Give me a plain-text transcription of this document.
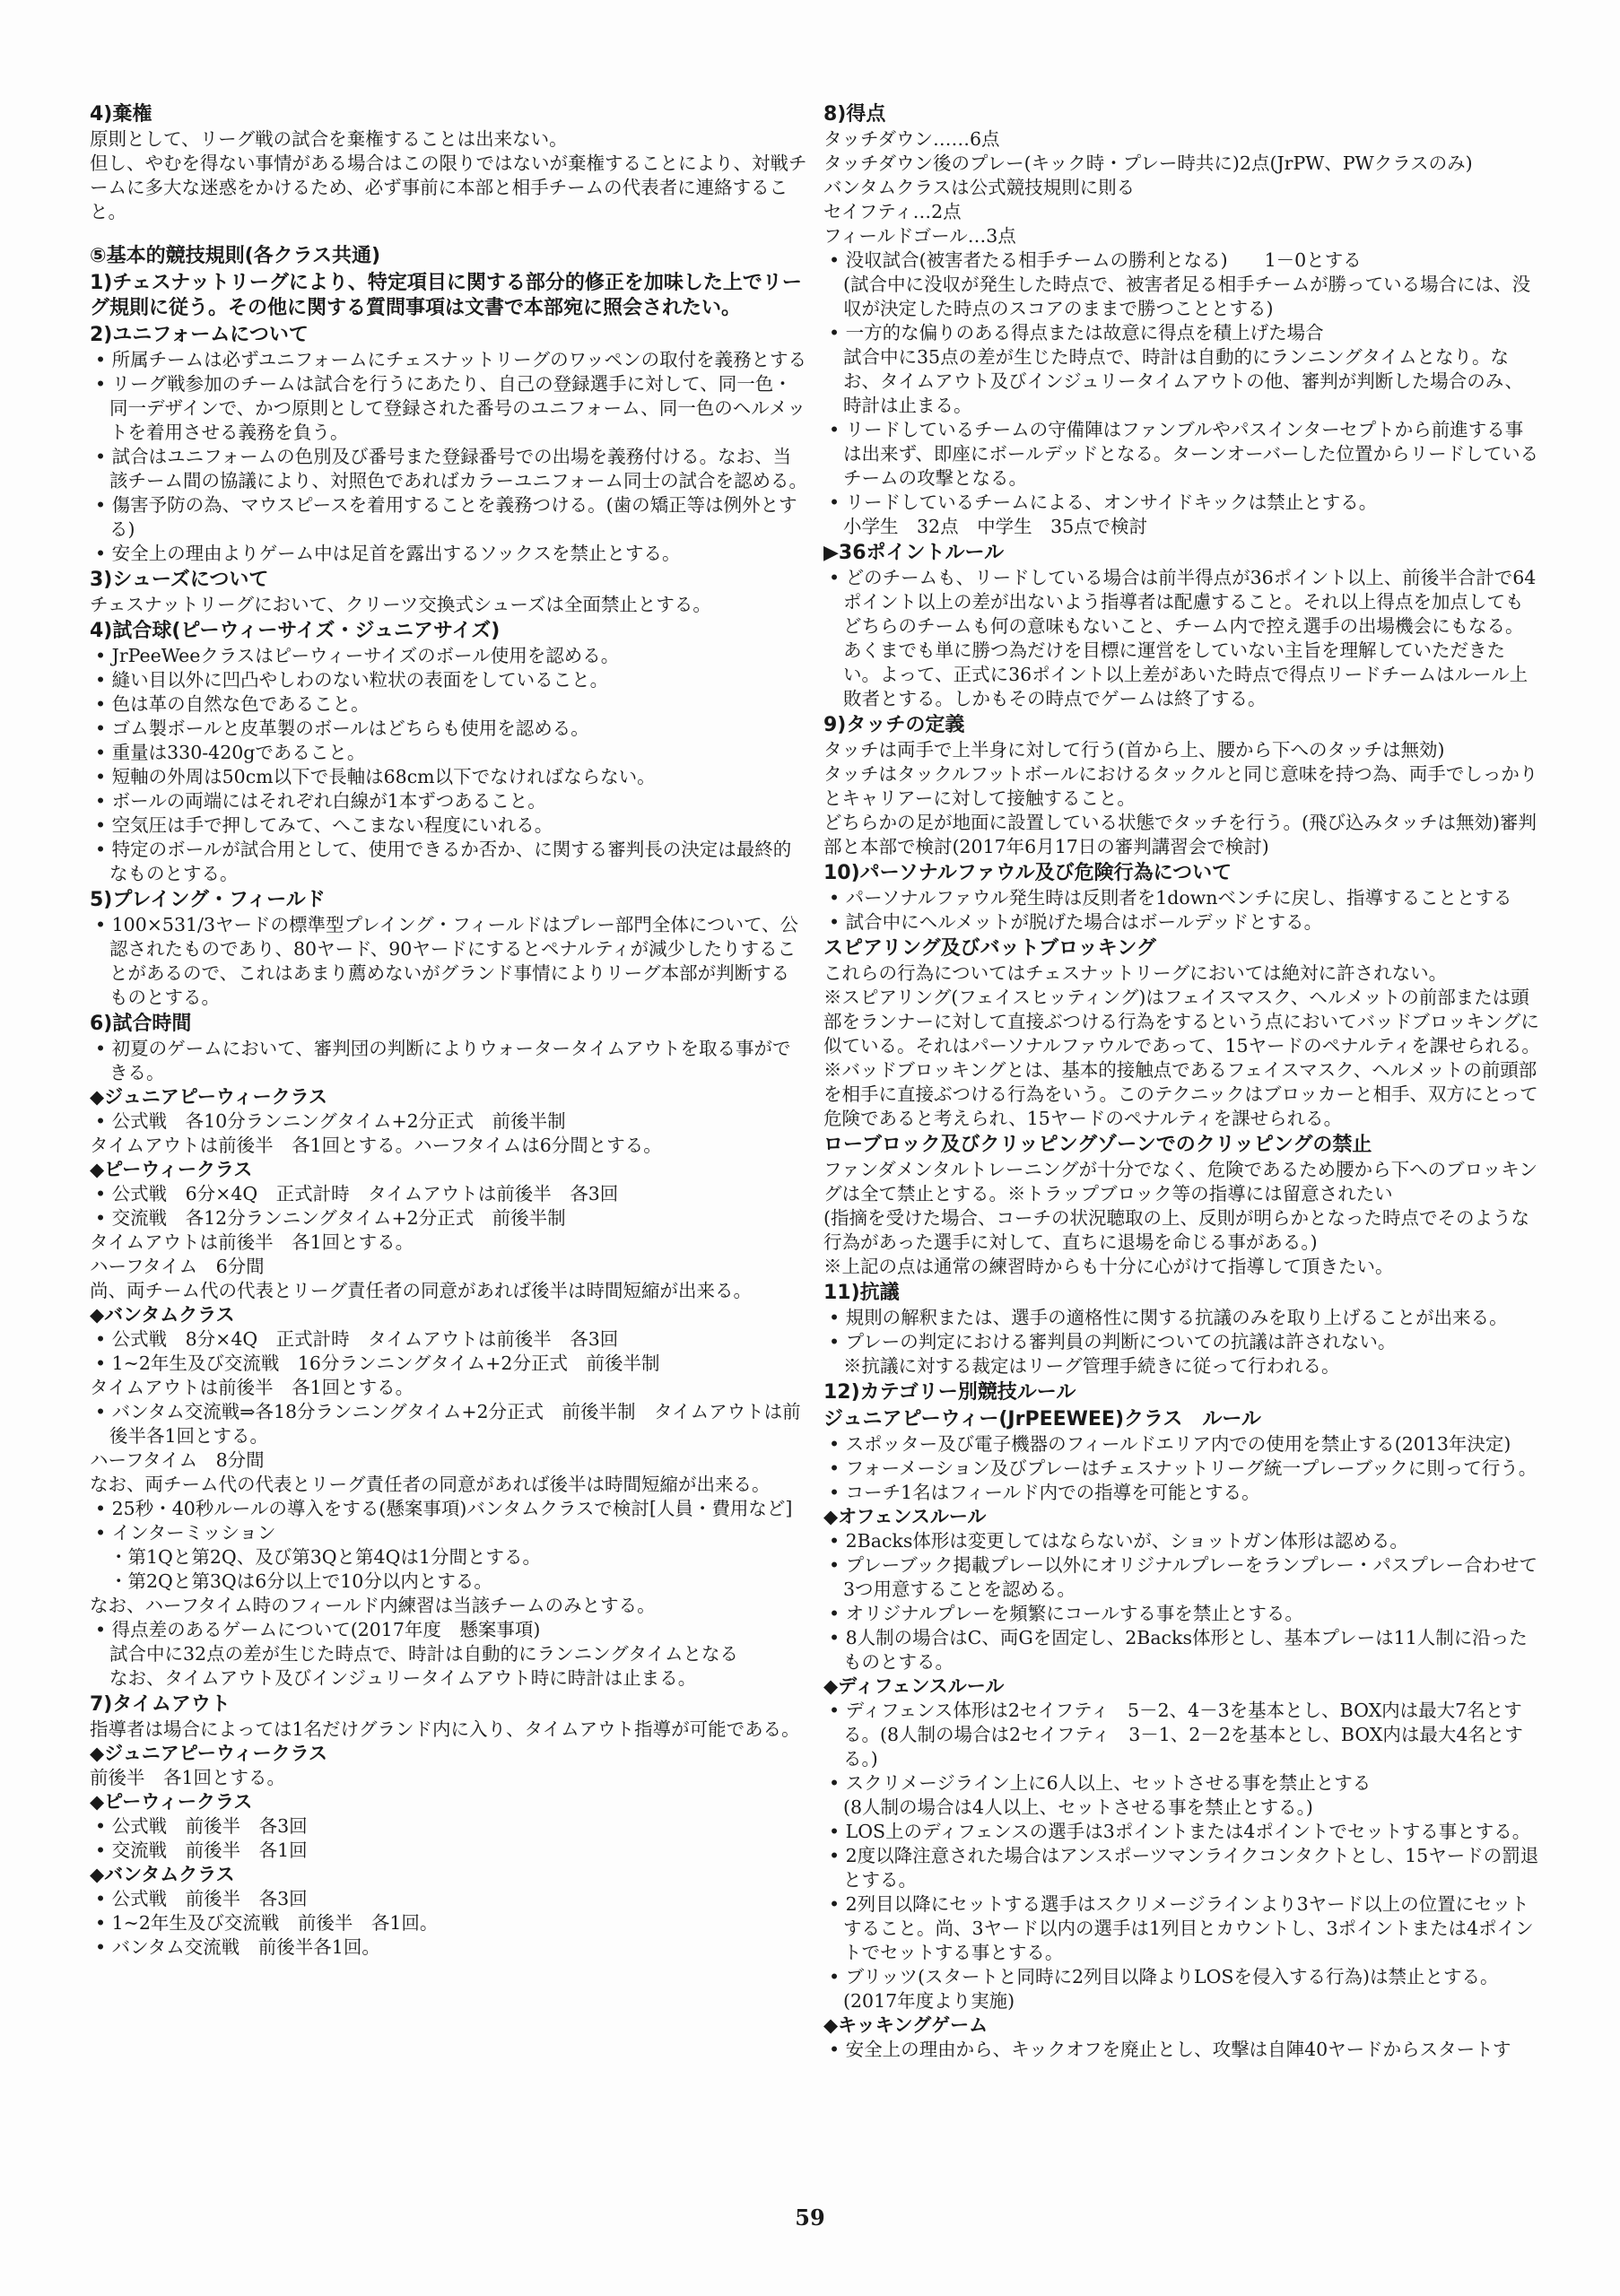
4)棄権
原則として、リーグ戦の試合を棄権することは出来ない。
但し、やむを得ない事情がある場合はこの限りではないが棄権することにより、対戦チームに多大な迷惑をかけるため、必ず事前に本部と相手チームの代表者に連絡すること。
⑤基本的競技規則(各クラス共通)
1)チェスナットリーグにより、特定項目に関する部分的修正を加味した上でリーグ規則に従う。その他に関する質問事項は文書で本部宛に照会されたい。
2)ユニフォームについて
• 所属チームは必ずユニフォームにチェスナットリーグのワッペンの取付を義務とする
• リーグ戦参加のチームは試合を行うにあたり、自己の登録選手に対して、同一色・同一デザインで、かつ原則として登録された番号のユニフォーム、同一色のヘルメットを着用させる義務を負う。
• 試合はユニフォームの色別及び番号また登録番号での出場を義務付ける。なお、当該チーム間の協議により、対照色であればカラーユニフォーム同士の試合を認める。
• 傷害予防の為、マウスピースを着用することを義務つける。(歯の矯正等は例外とする)
• 安全上の理由よりゲーム中は足首を露出するソックスを禁止とする。
3)シューズについて
チェスナットリーグにおいて、クリーツ交換式シューズは全面禁止とする。
4)試合球(ピーウィーサイズ・ジュニアサイズ)
• JrPeeWeeクラスはピーウィーサイズのボール使用を認める。
• 縫い目以外に凹凸やしわのない粒状の表面をしていること。
• 色は革の自然な色であること。
• ゴム製ボールと皮革製のボールはどちらも使用を認める。
• 重量は330-420gであること。
• 短軸の外周は50cm以下で長軸は68cm以下でなければならない。
• ボールの両端にはそれぞれ白線が1本ずつあること。
• 空気圧は手で押してみて、へこまない程度にいれる。
• 特定のボールが試合用として、使用できるか否か、に関する審判長の決定は最終的なものとする。
5)プレイング・フィールド
• 100×531/3ヤードの標準型プレイング・フィールドはプレー部門全体について、公認されたものであり、80ヤード、90ヤードにするとペナルティが減少したりすることがあるので、これはあまり薦めないがグランド事情によりリーグ本部が判断するものとする。
6)試合時間
• 初夏のゲームにおいて、審判団の判断によりウォータータイムアウトを取る事ができる。
◆ジュニアピーウィークラス
• 公式戦　各10分ランニングタイム+2分正式　前後半制
タイムアウトは前後半　各1回とする。ハーフタイムは6分間とする。
◆ピーウィークラス
• 公式戦　6分×4Q　正式計時　タイムアウトは前後半　各3回
• 交流戦　各12分ランニングタイム+2分正式　前後半制
タイムアウトは前後半　各1回とする。
ハーフタイム　6分間
尚、両チーム代の代表とリーグ責任者の同意があれば後半は時間短縮が出来る。
◆バンタムクラス
• 公式戦　8分×4Q　正式計時　タイムアウトは前後半　各3回
• 1~2年生及び交流戦　16分ランニングタイム+2分正式　前後半制
タイムアウトは前後半　各1回とする。
• バンタム交流戦⇒各18分ランニングタイム+2分正式　前後半制　タイムアウトは前後半各1回とする。
ハーフタイム　8分間
なお、両チーム代の代表とリーグ責任者の同意があれば後半は時間短縮が出来る。
• 25秒・40秒ルールの導入をする(懸案事項)バンタムクラスで検討[人員・費用など]
• インターミッション
・第1Qと第2Q、及び第3Qと第4Qは1分間とする。
・第2Qと第3Qは6分以上で10分以内とする。
なお、ハーフタイム時のフィールド内練習は当該チームのみとする。
• 得点差のあるゲームについて(2017年度　懸案事項)
試合中に32点の差が生じた時点で、時計は自動的にランニングタイムとなる
なお、タイムアウト及びインジュリータイムアウト時に時計は止まる。
7)タイムアウト
指導者は場合によっては1名だけグランド内に入り、タイムアウト指導が可能である。
◆ジュニアピーウィークラス
前後半　各1回とする。
◆ピーウィークラス
• 公式戦　前後半　各3回
• 交流戦　前後半　各1回
◆バンタムクラス
• 公式戦　前後半　各3回
• 1~2年生及び交流戦　前後半　各1回。
• バンタム交流戦　前後半各1回。
8)得点
タッチダウン……6点
タッチダウン後のプレー(キック時・プレー時共に)2点(JrPW、PWクラスのみ)
バンタムクラスは公式競技規則に則る
セイフティ…2点
フィールドゴール…3点
• 没収試合(被害者たる相手チームの勝利となる)　　1－0とする
(試合中に没収が発生した時点で、被害者足る相手チームが勝っている場合には、没収が決定した時点のスコアのままで勝つこととする)
• 一方的な偏りのある得点または故意に得点を積上げた場合
試合中に35点の差が生じた時点で、時計は自動的にランニングタイムとなり。なお、タイムアウト及びインジュリータイムアウトの他、審判が判断した場合のみ、時計は止まる。
• リードしているチームの守備陣はファンブルやパスインターセプトから前進する事は出来ず、即座にボールデッドとなる。ターンオーバーした位置からリードしているチームの攻撃となる。
• リードしているチームによる、オンサイドキックは禁止とする。
小学生　32点　中学生　35点で検討
▶36ポイントルール
• どのチームも、リードしている場合は前半得点が36ポイント以上、前後半合計で64ポイント以上の差が出ないよう指導者は配慮すること。それ以上得点を加点してもどちらのチームも何の意味もないこと、チーム内で控え選手の出場機会にもなる。あくまでも単に勝つ為だけを目標に運営をしていない主旨を理解していただきたい。よって、正式に36ポイント以上差があいた時点で得点リードチームはルール上敗者とする。しかもその時点でゲームは終了する。
9)タッチの定義
タッチは両手で上半身に対して行う(首から上、腰から下へのタッチは無効)
タッチはタックルフットボールにおけるタックルと同じ意味を持つ為、両手でしっかりとキャリアーに対して接触すること。
どちらかの足が地面に設置している状態でタッチを行う。(飛び込みタッチは無効)審判部と本部で検討(2017年6月17日の審判講習会で検討)
10)パーソナルファウル及び危険行為について
• パーソナルファウル発生時は反則者を1downベンチに戻し、指導することとする
• 試合中にヘルメットが脱げた場合はボールデッドとする。
スピアリング及びバットブロッキング
これらの行為についてはチェスナットリーグにおいては絶対に許されない。
※スピアリング(フェイスヒッティング)はフェイスマスク、ヘルメットの前部または頭部をランナーに対して直接ぶつける行為をするという点においてバッドブロッキングに似ている。それはパーソナルファウルであって、15ヤードのペナルティを課せられる。
※バッドブロッキングとは、基本的接触点であるフェイスマスク、ヘルメットの前頭部を相手に直接ぶつける行為をいう。このテクニックはブロッカーと相手、双方にとって危険であると考えられ、15ヤードのペナルティを課せられる。
ローブロック及びクリッピングゾーンでのクリッピングの禁止
ファンダメンタルトレーニングが十分でなく、危険であるため腰から下へのブロッキングは全て禁止とする。※トラップブロック等の指導には留意されたい
(指摘を受けた場合、コーチの状況聴取の上、反則が明らかとなった時点でそのような行為があった選手に対して、直ちに退場を命じる事がある。)
※上記の点は通常の練習時からも十分に心がけて指導して頂きたい。
11)抗議
• 規則の解釈または、選手の適格性に関する抗議のみを取り上げることが出来る。
• プレーの判定における審判員の判断についての抗議は許されない。
※抗議に対する裁定はリーグ管理手続きに従って行われる。
12)カテゴリー別競技ルール
ジュニアピーウィー(JrPEEWEE)クラス　ルール
• スポッター及び電子機器のフィールドエリア内での使用を禁止する(2013年決定)
• フォーメーション及びプレーはチェスナットリーグ統一プレーブックに則って行う。
• コーチ1名はフィールド内での指導を可能とする。
◆オフェンスルール
• 2Backs体形は変更してはならないが、ショットガン体形は認める。
• プレーブック掲載プレー以外にオリジナルプレーをランプレー・パスプレー合わせて3つ用意することを認める。
• オリジナルプレーを頻繁にコールする事を禁止とする。
• 8人制の場合はC、両Gを固定し、2Backs体形とし、基本プレーは11人制に沿ったものとする。
◆ディフェンスルール
• ディフェンス体形は2セイフティ　5－2、4－3を基本とし、BOX内は最大7名とする。(8人制の場合は2セイフティ　3－1、2－2を基本とし、BOX内は最大4名とする。)
• スクリメージライン上に6人以上、セットさせる事を禁止とする
(8人制の場合は4人以上、セットさせる事を禁止とする。)
• LOS上のディフェンスの選手は3ポイントまたは4ポイントでセットする事とする。
• 2度以降注意された場合はアンスポーツマンライクコンタクトとし、15ヤードの罰退とする。
• 2列目以降にセットする選手はスクリメージラインより3ヤード以上の位置にセットすること。尚、3ヤード以内の選手は1列目とカウントし、3ポイントまたは4ポイントでセットする事とする。
• ブリッツ(スタートと同時に2列目以降よりLOSを侵入する行為)は禁止とする。(2017年度より実施)
◆キッキングゲーム
• 安全上の理由から、キックオフを廃止とし、攻撃は自陣40ヤードからスタートす
59
